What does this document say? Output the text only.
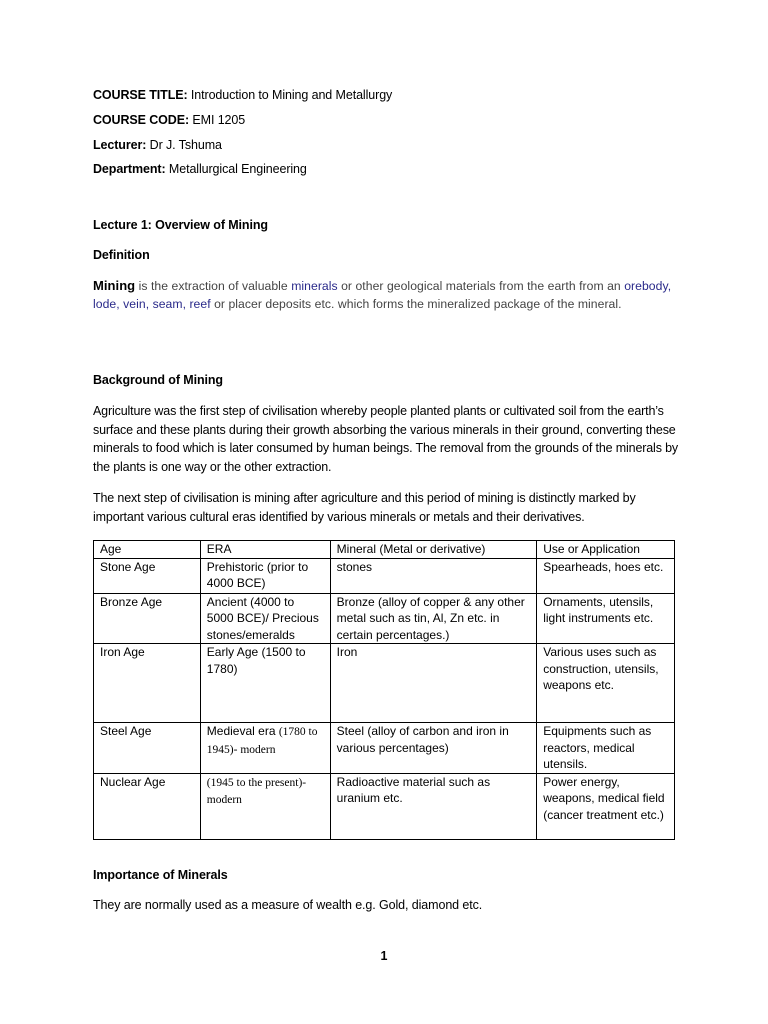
COURSE TITLE: Introduction to Mining and Metallurgy
COURSE CODE: EMI 1205
Lecturer: Dr J. Tshuma
Department: Metallurgical Engineering
Lecture 1: Overview of Mining
Definition
Mining is the extraction of valuable minerals or other geological materials from the earth from an orebody, lode, vein, seam, reef or placer deposits etc. which forms the mineralized package of the mineral.
Background of Mining
Agriculture was the first step of civilisation whereby people planted plants or cultivated soil from the earth’s surface and these plants during their growth absorbing the various minerals in their ground, converting these minerals to food which is later consumed by human beings. The removal from the grounds of the minerals by the plants is one way or the other extraction.
The next step of civilisation is mining after agriculture and this period of mining is distinctly marked by important various cultural eras identified by various minerals or metals and their derivatives.
Age	ERA	Mineral (Metal or derivative)	Use or Application
Stone Age	Prehistoric (prior to 4000 BCE)	stones	Spearheads, hoes etc.
Bronze Age	Ancient (4000 to 5000 BCE)/ Precious stones/emeralds	Bronze (alloy of copper & any other metal such as tin, Al, Zn etc. in certain percentages.)	Ornaments, utensils, light instruments etc.
Iron Age	Early Age (1500 to 1780)	Iron	Various uses such as construction, utensils, weapons etc.
Steel Age	Medieval era (1780 to 1945)- modern	Steel (alloy of carbon and iron in various percentages)	Equipments such as reactors, medical utensils.
Nuclear Age	(1945 to the present)- modern	Radioactive material such as uranium etc.	Power energy, weapons, medical field (cancer treatment etc.)
Importance of Minerals
They are normally used as a measure of wealth e.g. Gold, diamond etc.
1
